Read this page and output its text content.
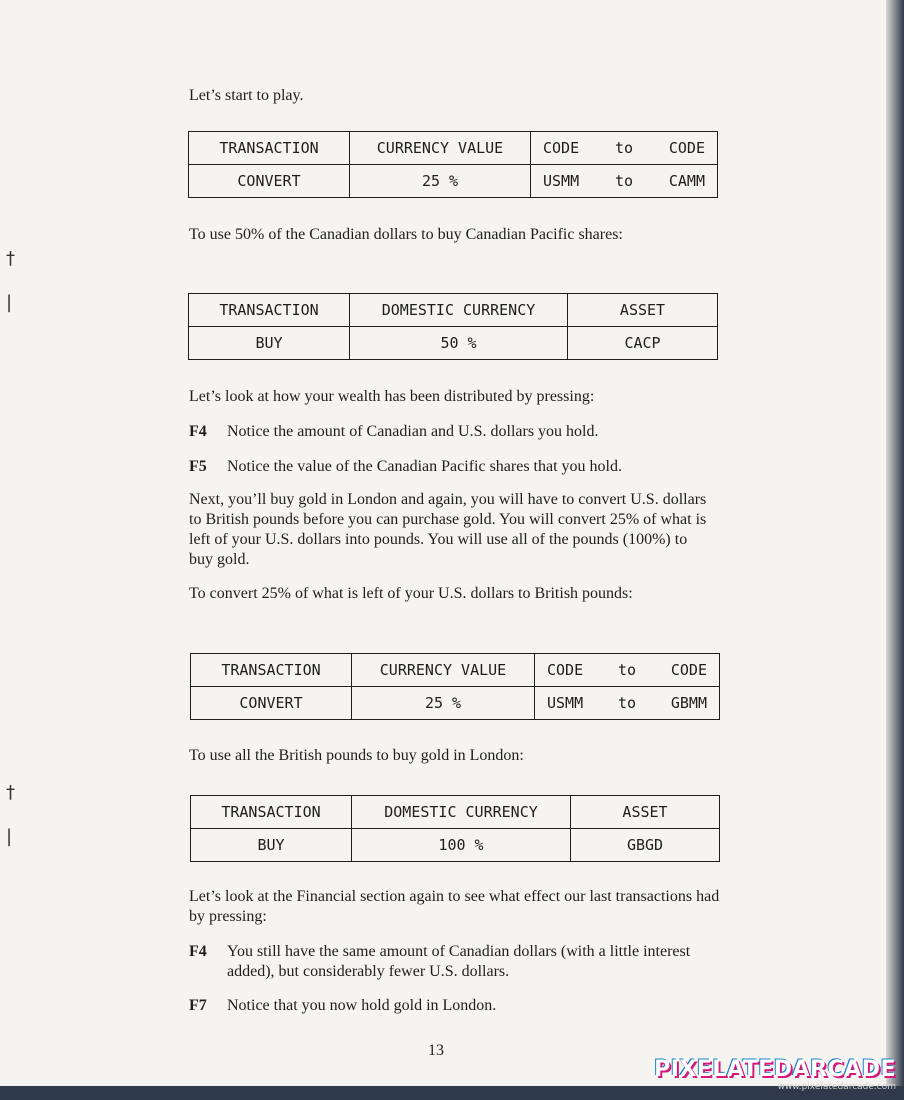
Let’s start to play.

TRANSACTION	CURRENCY VALUE	CODE to CODE

CONVERT	25 %	USMM to CAMM

To use 50% of the Canadian dollars to buy Canadian Pacific shares:

TRANSACTION	DOMESTIC CURRENCY	ASSET
BUY	50 %	CACP

Let’s look at how your wealth has been distributed by pressing:

F4 Notice the amount of Canadian and U.S. dollars you hold.
F5 Notice the value of the Canadian Pacific shares that you hold.

Next, you’ll buy gold in London and again, you will have to convert U.S. dollars to British pounds before you can purchase gold. You will convert 25% of what is left of your U.S. dollars into pounds. You will use all of the pounds (100%) to buy gold.

To convert 25% of what is left of your U.S. dollars to British pounds:

TRANSACTION	CURRENCY VALUE	CODE to CODE

CONVERT	25 %	USMM to GBMM

To use all the British pounds to buy gold in London:

TRANSACTION	DOMESTIC CURRENCY	ASSET
BUY	100 %	GBGD

Let’s look at the Financial section again to see what effect our last transactions had by pressing:

F4 You still have the same amount of Canadian dollars (with a little interest added), but considerably fewer U.S. dollars.
F7 Notice that you now hold gold in London.
13
†
|
†
|
PIXELATEDARCADE
www.pixelatedarcade.com
